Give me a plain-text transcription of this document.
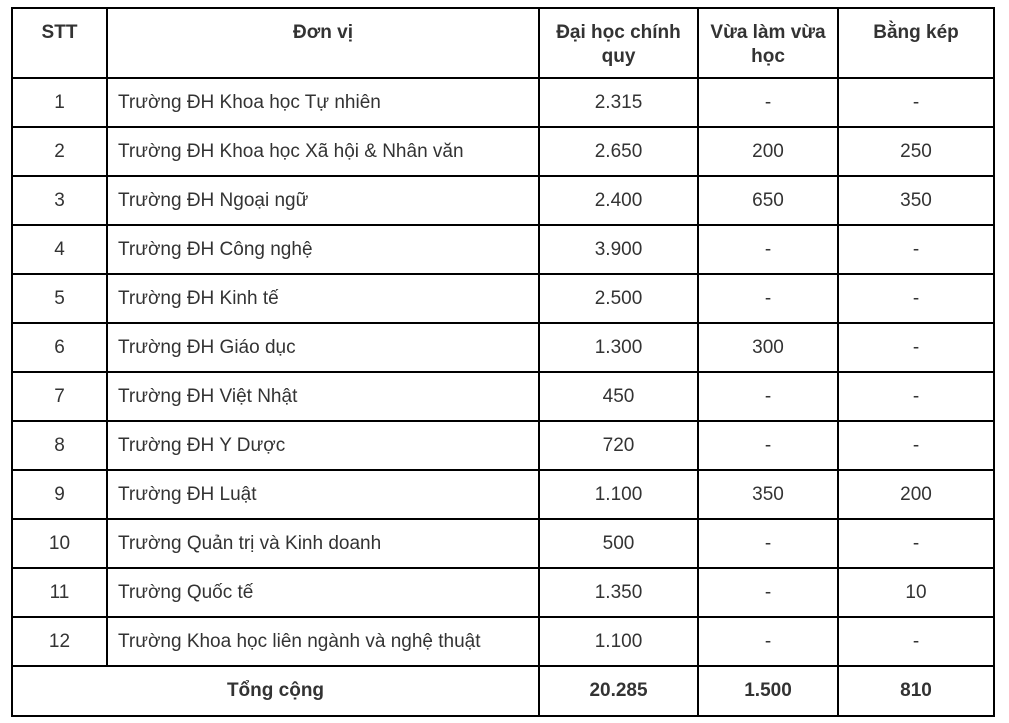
STT	Đơn vị	Đại học chính quy	Vừa làm vừa học	Bằng kép
1	Trường ĐH Khoa học Tự nhiên	2.315	-	-
2	Trường ĐH Khoa học Xã hội & Nhân văn	2.650	200	250
3	Trường ĐH Ngoại ngữ	2.400	650	350
4	Trường ĐH Công nghệ	3.900	-	-
5	Trường ĐH Kinh tế	2.500	-	-
6	Trường ĐH Giáo dục	1.300	300	-
7	Trường ĐH Việt Nhật	450	-	-
8	Trường ĐH Y Dược	720	-	-
9	Trường ĐH Luật	1.100	350	200
10	Trường Quản trị và Kinh doanh	500	-	-
11	Trường Quốc tế	1.350	-	10
12	Trường Khoa học liên ngành và nghệ thuật	1.100	-	-
Tổng cộng		20.285	1.500	810
